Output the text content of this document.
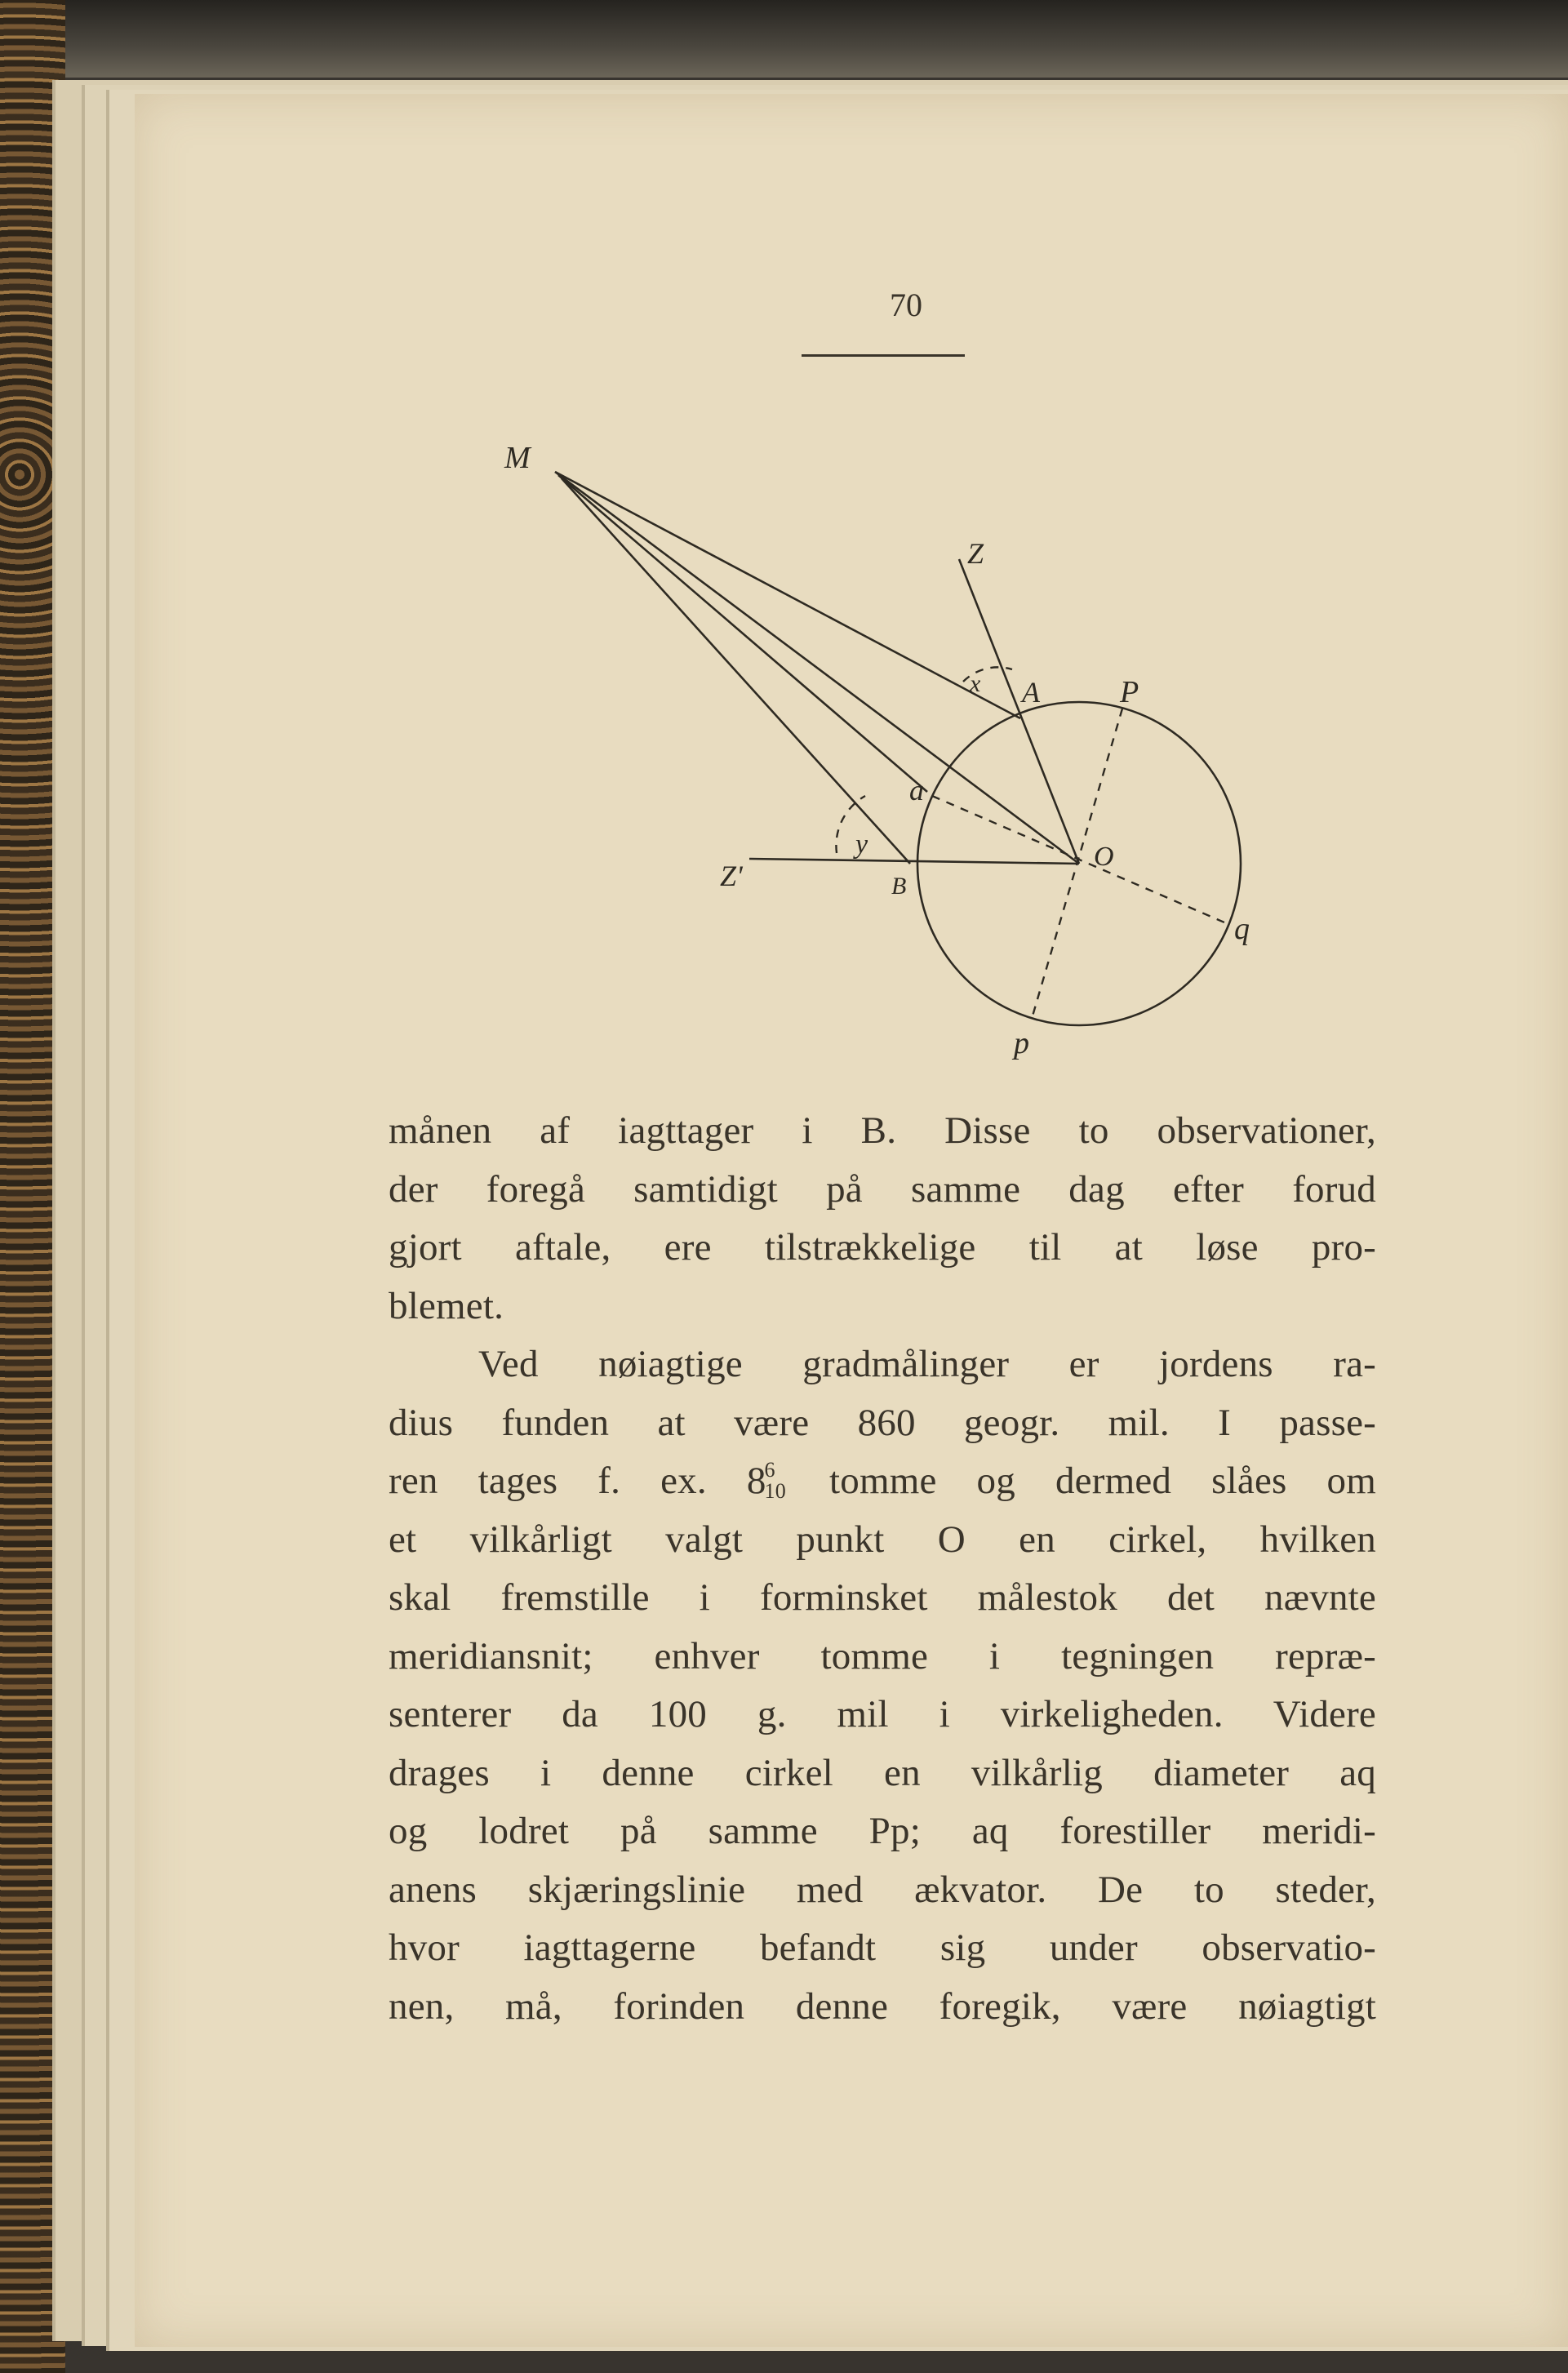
70
M
Z
x A	P
a
y
Z'	B
O
q
p
månen af iagttager i B. Disse to observationer,
der foregå samtidigt på samme dag efter forud
gjort aftale, ere tilstrækkelige til at løse pro-
blemet.
Ved nøiagtige gradmålinger er jordens ra-
dius funden at være 860 geogr. mil. I passe-
ren tages f. ex. 8
6
10 tomme og dermed slåes om
et vilkårligt valgt punkt O en cirkel, hvilken
skal fremstille i forminsket målestok det nævnte
meridiansnit; enhver tomme i tegningen repræ-
senterer da 100 g. mil i virkeligheden. Videre
drages i denne cirkel en vilkårlig diameter aq
og lodret på samme Pp; aq forestiller meridi-
anens skjæringslinie med ækvator. De to steder,
hvor iagttagerne befandt sig under observatio-
nen, må, forinden denne foregik, være nøiagtigt
